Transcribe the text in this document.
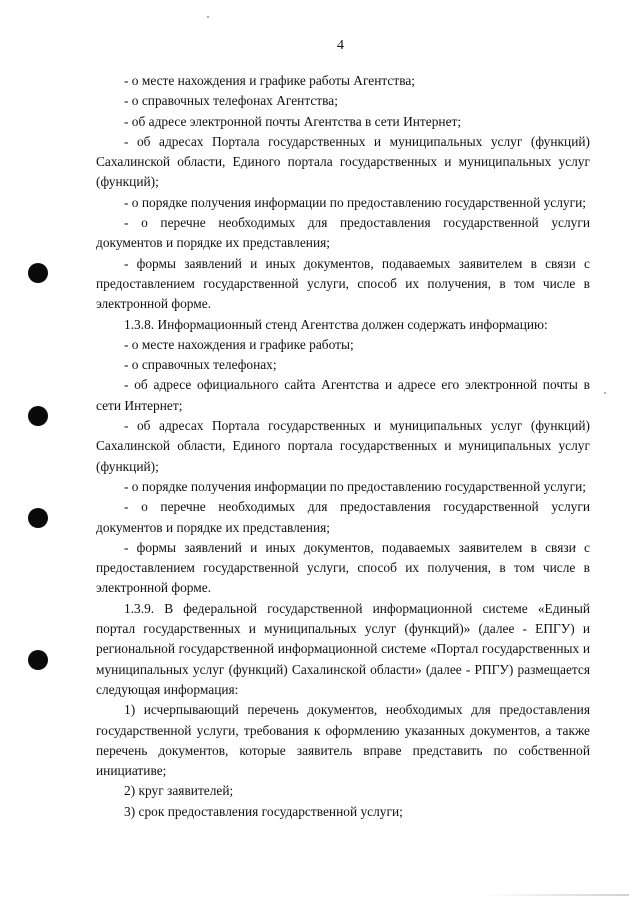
4

- о месте нахождения и графике работы Агентства;

- о справочных телефонах Агентства;

- об адресе электронной почты Агентства в сети Интернет;

- об адресах Портала государственных и муниципальных услуг (функций) Сахалинской области, Единого портала государственных и муниципальных услуг (функций);

- о порядке получения информации по предоставлению государственной услуги;

- о перечне необходимых для предоставления государственной услуги документов и порядке их представления;

- формы заявлений и иных документов, подаваемых заявителем в связи с предоставлением государственной услуги, способ их получения, в том числе в электронной форме.

1.3.8. Информационный стенд Агентства должен содержать информацию:

- о месте нахождения и графике работы;

- о справочных телефонах;

- об адресе официального сайта Агентства и адресе его электронной почты в сети Интернет;

- об адресах Портала государственных и муниципальных услуг (функций) Сахалинской области, Единого портала государственных и муниципальных услуг (функций);

- о порядке получения информации по предоставлению государственной услуги;

- о перечне необходимых для предоставления государственной услуги документов и порядке их представления;

- формы заявлений и иных документов, подаваемых заявителем в связи с предоставлением государственной услуги, способ их получения, в том числе в электронной форме.

1.3.9. В федеральной государственной информационной системе «Единый портал государственных и муниципальных услуг (функций)» (далее - ЕПГУ) и региональной государственной информационной системе «Портал государственных и муниципальных услуг (функций) Сахалинской области» (далее - РПГУ) размещается следующая информация:

1) исчерпывающий перечень документов, необходимых для предоставления государственной услуги, требования к оформлению указанных документов, а также перечень документов, которые заявитель вправе представить по собственной инициативе;

2) круг заявителей;

3) срок предоставления государственной услуги;
